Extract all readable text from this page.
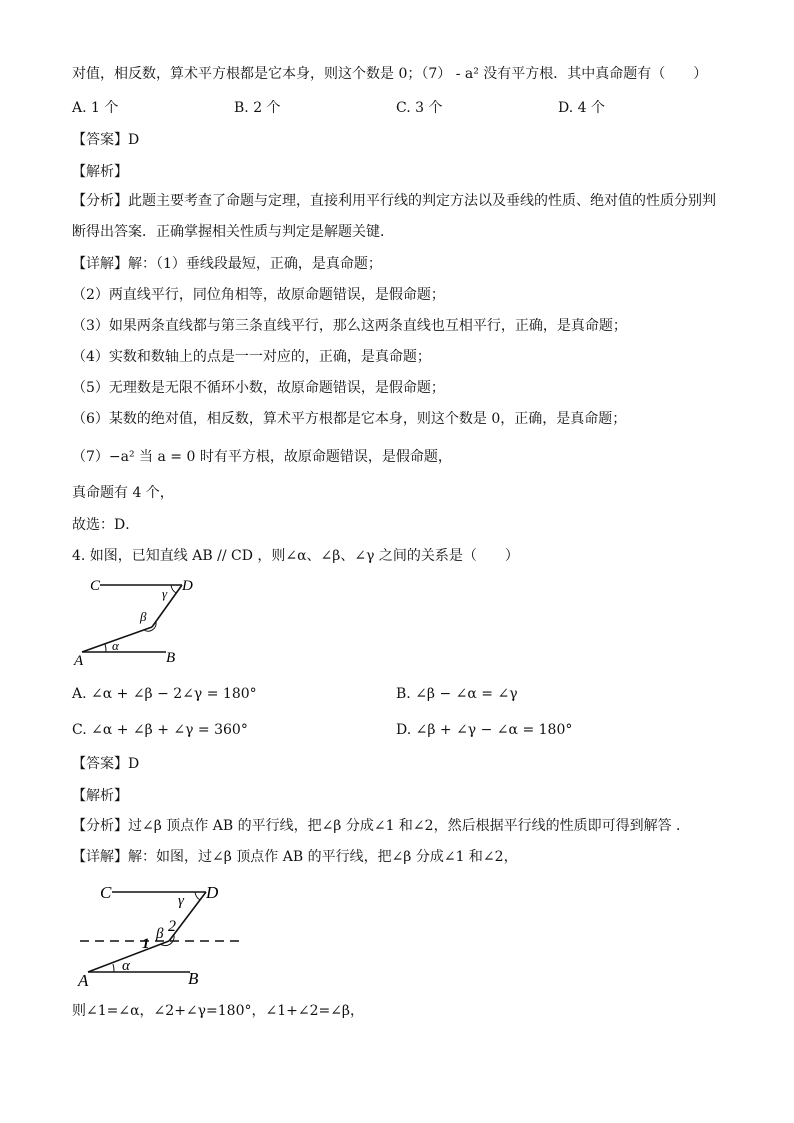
对值，相反数，算术平方根都是它本身，则这个数是 0；（7） - a² 没有平方根．其中真命题有（　　）
A. 1 个	B. 2 个	C. 3 个	D. 4 个
【答案】D
【解析】
【分析】此题主要考查了命题与定理，直接利用平行线的判定方法以及垂线的性质、绝对值的性质分别判
断得出答案．正确掌握相关性质与判定是解题关键．
【详解】解：（1）垂线段最短，正确，是真命题；
（2）两直线平行，同位角相等，故原命题错误，是假命题；
（3）如果两条直线都与第三条直线平行，那么这两条直线也互相平行，正确，是真命题；
（4）实数和数轴上的点是一一对应的，正确，是真命题；
（5）无理数是无限不循环小数，故原命题错误，是假命题；
（6）某数的绝对值，相反数，算术平方根都是它本身，则这个数是 0，正确，是真命题；
（7）−a² 当 a = 0 时有平方根，故原命题错误，是假命题，
真命题有 4 个，
故选：D．
4. 如图，已知直线 AB // CD ，则∠α、∠β、∠γ 之间的关系是（　　）
C	D
A	B
α
β
γ
A. ∠α + ∠β − 2∠γ = 180°	B. ∠β − ∠α = ∠γ
C. ∠α + ∠β + ∠γ = 360°	D. ∠β + ∠γ − ∠α = 180°
【答案】D
【解析】
【分析】过∠β 顶点作 AB 的平行线，把∠β 分成∠1 和∠2，然后根据平行线的性质即可得到解答 ．
【详解】解：如图，过∠β 顶点作 AB 的平行线，把∠β 分成∠1 和∠2，
C	D
A	B
α
β
γ
1
2
则∠1=∠α，∠2+∠γ=180°，∠1+∠2=∠β，
